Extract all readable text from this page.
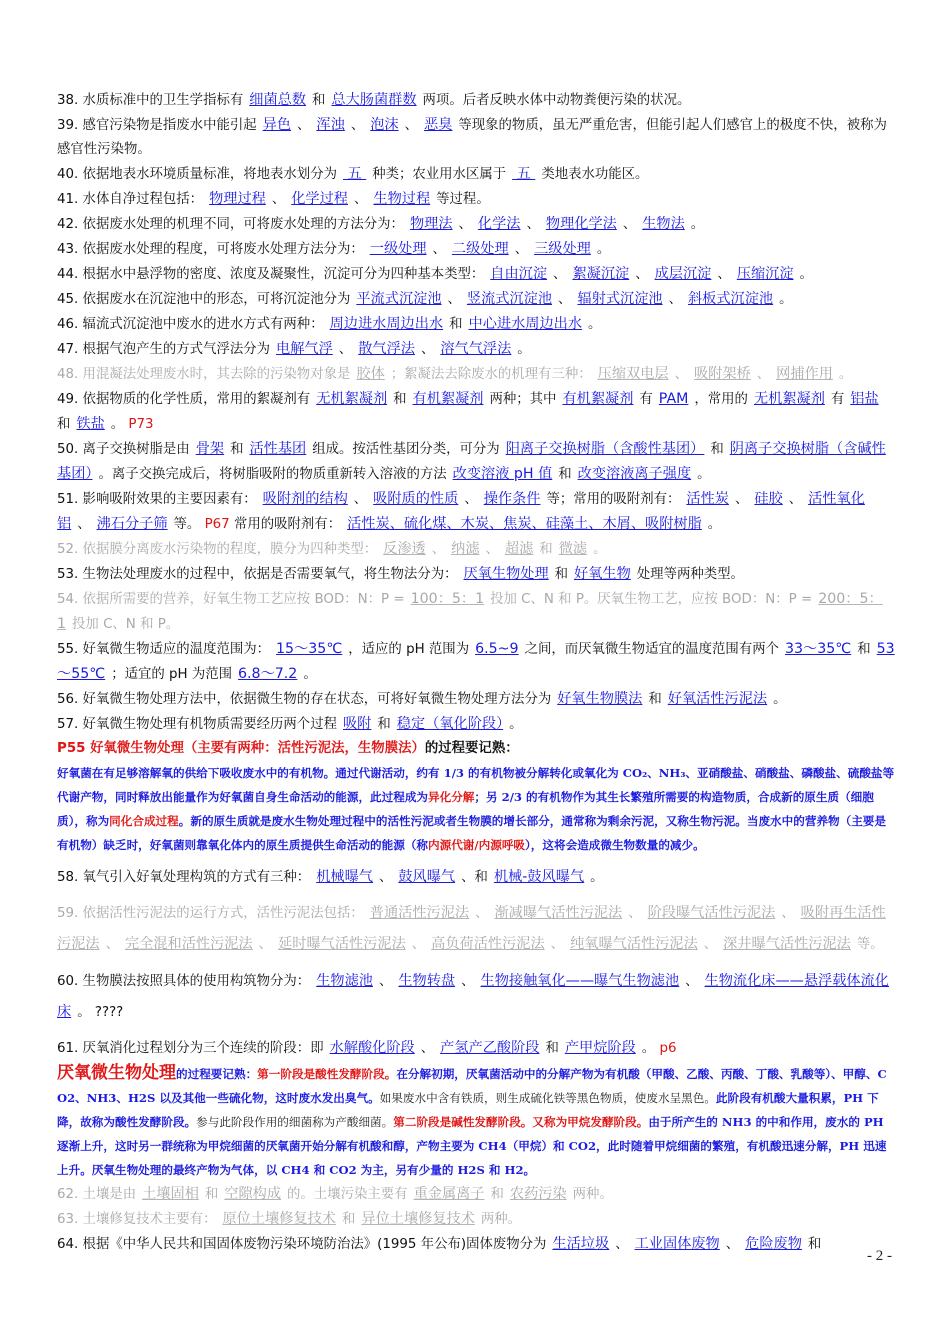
38. 水质标准中的卫生学指标有 细菌总数 和 总大肠菌群数 两项。后者反映水体中动物粪便污染的状况。

39. 感官污染物是指废水中能引起 异色 、 浑浊 、 泡沫 、 恶臭 等现象的物质，虽无严重危害，但能引起人们感官上的极度不快，被称为感官性污染物。

40. 依据地表水环境质量标准，将地表水划分为 五 种类；农业用水区属于 五 类地表水功能区。

41. 水体自净过程包括： 物理过程 、 化学过程 、 生物过程 等过程。

42. 依据废水处理的机理不同，可将废水处理的方法分为： 物理法 、 化学法 、 物理化学法 、 生物法 。

43. 依据废水处理的程度，可将废水处理方法分为： 一级处理 、 二级处理 、 三级处理 。

44. 根据水中悬浮物的密度、浓度及凝聚性，沉淀可分为四种基本类型： 自由沉淀 、 絮凝沉淀 、 成层沉淀 、 压缩沉淀 。

45. 依据废水在沉淀池中的形态，可将沉淀池分为 平流式沉淀池 、 竖流式沉淀池 、 辐射式沉淀池 、 斜板式沉淀池 。

46. 辐流式沉淀池中废水的进水方式有两种： 周边进水周边出水 和 中心进水周边出水 。

47. 根据气泡产生的方式气浮法分为 电解气浮 、 散气浮法 、 溶气气浮法 。

48. 用混凝法处理废水时，其去除的污染物对象是 胶体 ；絮凝法去除废水的机理有三种： 压缩双电层 、 吸附架桥 、 网捕作用 。

49. 依据物质的化学性质，常用的絮凝剂有 无机絮凝剂 和 有机絮凝剂 两种；其中 有机絮凝剂 有 PAM ，常用的 无机絮凝剂 有 铝盐和 铁盐 。 P73

50. 离子交换树脂是由 骨架 和 活性基团 组成。按活性基团分类，可分为 阳离子交换树脂（含酸性基团） 和 阴离子交换树脂（含碱性基团） 。离子交换完成后，将树脂吸附的物质重新转入溶液的方法 改变溶液 pH 值 和 改变溶液离子强度 。

51. 影响吸附效果的主要因素有： 吸附剂的结构 、 吸附质的性质 、 操作条件 等；常用的吸附剂有： 活性炭 、 硅胶 、 活性氧化铝 、 沸石分子筛 等。 P67 常用的吸附剂有： 活性炭、硫化煤、木炭、焦炭、硅藻土、木屑、吸附树脂 。

52. 依据膜分离废水污染物的程度，膜分为四种类型： 反渗透 、 纳滤 、 超滤 和 微滤 。

53. 生物法处理废水的过程中，依据是否需要氧气，将生物法分为： 厌氧生物处理 和 好氧生物 处理等两种类型。

54. 依据所需要的营养，好氧生物工艺应按 BOD：N：P = 100：5：1 投加 C、N 和 P。厌氧生物工艺，应按 BOD：N：P = 200：5：1 投加 C、N 和 P。

55. 好氧微生物适应的温度范围为： 15～35℃ ，适应的 pH 范围为 6.5~9 之间，而厌氧微生物适宜的温度范围有两个 33～35℃ 和 53～55℃ ；适宜的 pH 为范围 6.8～7.2 。

56. 好氧微生物处理方法中，依据微生物的存在状态，可将好氧微生物处理方法分为 好氧生物膜法 和 好氧活性污泥法 。

57. 好氧微生物处理有机物质需要经历两个过程 吸附 和 稳定（氧化阶段） 。 P55 好氧微生物处理（主要有两种：活性污泥法，生物膜法）的过程要记熟：

好氧菌在有足够溶解氧的供给下吸收废水中的有机物。通过代谢活动，约有 1/3 的有机物被分解转化或氧化为 CO₂、NH₃、亚硝酸盐、硝酸盐、磷酸盐、硫酸盐等代谢产物，同时释放出能量作为好氧菌自身生命活动的能源，此过程成为异化分解；另 2/3 的有机物作为其生长繁殖所需要的构造物质，合成新的原生质（细胞质），称为同化合成过程。新的原生质就是废水生物处理过程中的活性污泥或者生物膜的增长部分，通常称为剩余污泥，又称生物污泥。当废水中的营养物（主要是有机物）缺乏时，好氧菌则靠氧化体内的原生质提供生命活动的能源（称内源代谢/内源呼吸），这将会造成微生物数量的减少。

58. 氧气引入好氧处理构筑的方式有三种： 机械曝气 、 鼓风曝气 、和 机械-鼓风曝气 。

59. 依据活性污泥法的运行方式，活性污泥法包括： 普通活性污泥法 、 渐减曝气活性污泥法 、 阶段曝气活性污泥法 、 吸附再生活性污泥法 、 完全混和活性污泥法 、 延时曝气活性污泥法 、 高负荷活性污泥法 、 纯氧曝气活性污泥法 、 深井曝气活性污泥法 等。

60. 生物膜法按照具体的使用构筑物分为： 生物滤池 、 生物转盘 、 生物接触氧化——曝气生物滤池 、 生物流化床——悬浮载体流化床 。 ????

61. 厌氧消化过程划分为三个连续的阶段：即 水解酸化阶段 、 产氢产乙酸阶段 和 产甲烷阶段 。 p6

厌氧微生物处理的过程要记熟：第一阶段是酸性发酵阶段。在分解初期，厌氧菌活动中的分解产物为有机酸（甲酸、乙酸、丙酸、丁酸、乳酸等）、甲醇、CO2、NH3、H2S 以及其他一些硫化物，这时废水发出臭气。如果废水中含有铁质，则生成硫化铁等黑色物质，使废水呈黑色。此阶段有机酸大量积累，PH 下降，故称为酸性发酵阶段。参与此阶段作用的细菌称为产酸细菌。第二阶段是碱性发酵阶段。又称为甲烷发酵阶段。由于所产生的 NH3 的中和作用，废水的 PH 逐渐上升，这时另一群统称为甲烷细菌的厌氧菌开始分解有机酸和醇，产物主要为 CH4（甲烷）和 CO2，此时随着甲烷细菌的繁殖，有机酸迅速分解，PH 迅速上升。厌氧生物处理的最终产物为气体，以 CH4 和 CO2 为主，另有少量的 H2S 和 H2。

62. 土壤是由 土壤固相 和 空隙构成 的。土壤污染主要有 重金属离子 和 农药污染 两种。

63. 土壤修复技术主要有： 原位土壤修复技术 和 异位土壤修复技术 两种。

64. 根据《中华人民共和国固体废物污染环境防治法》(1995 年公布)固体废物分为 生活垃圾 、 工业固体废物 、 危险废物 和

- 2 -
